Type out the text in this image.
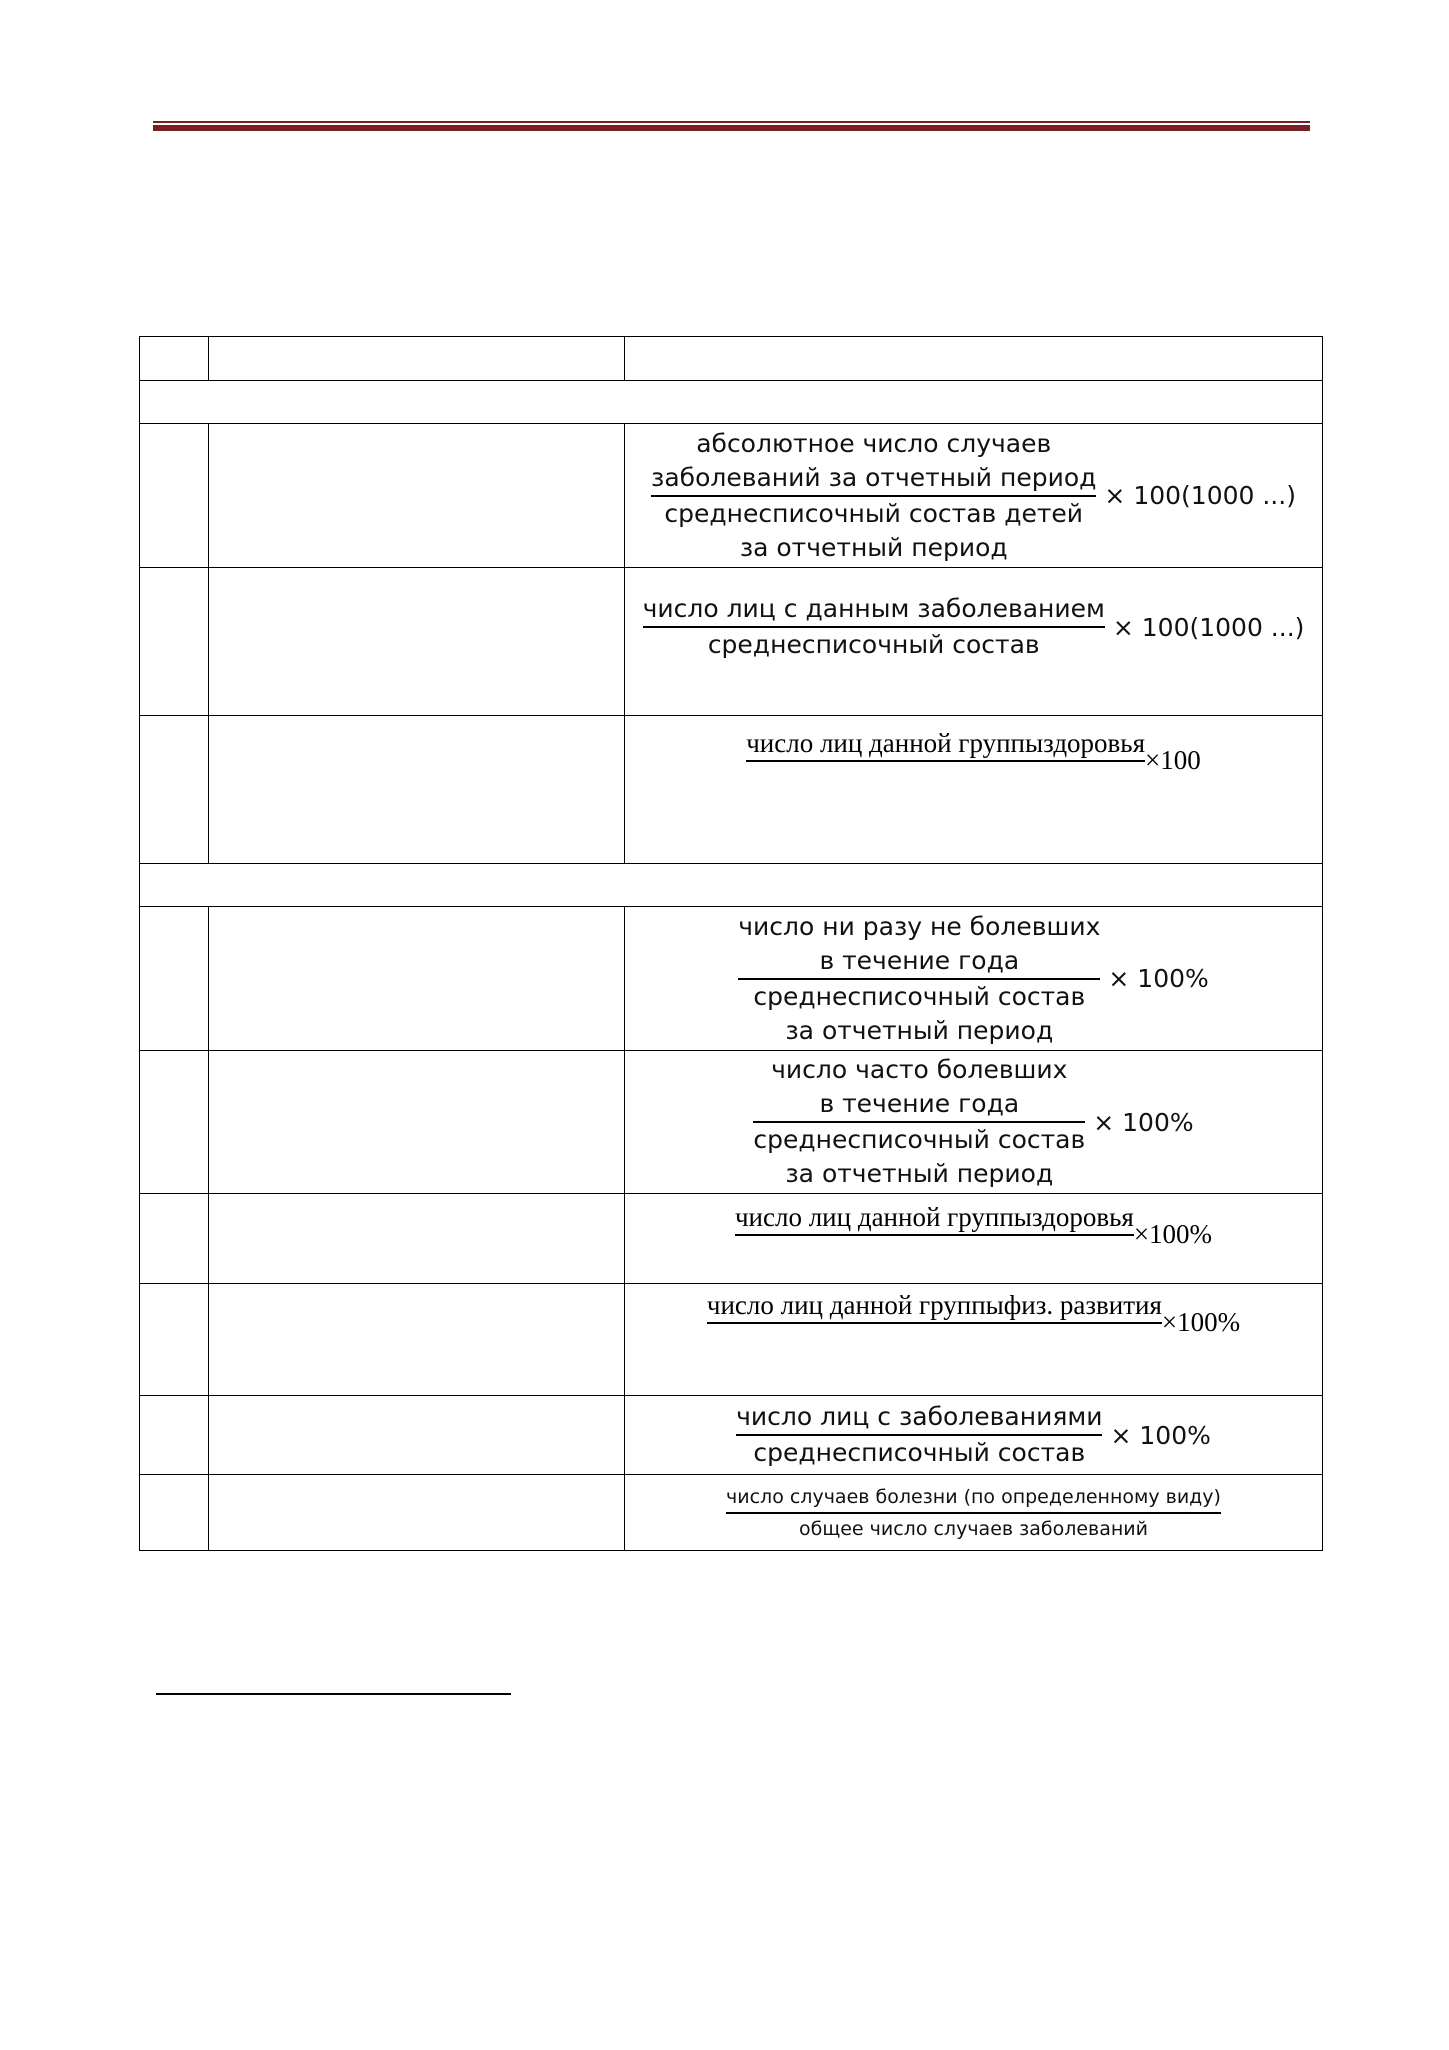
		абсолютное число случаев
заболеваний за отчетный период
среднесписочный состав детей
за отчетный период
× 100(1000 ...)

		$\frac{\text{число лиц с данным заболеванием}}{\text{среднесписочный состав}} \times 100(1000$ ...)

		число лиц данной группыздоровья
×100

		число ни разу не болевших
в течение года
среднесписочный состав
за отчетный период
× 100%

		число часто болевших
в течение года
среднесписочный состав
за отчетный период
× 100%

		число лиц данной группыздоровья
×100%

		число лиц данной группыфиз. развития
×100%

		$\frac{\text{число лиц с заболеваниями}}{\text{среднесписочный состав}} \times 100\%$

		$\frac{\text{число случаев болезни (по определенному виду)}}{\text{общее число случаев заболеваний}}$
